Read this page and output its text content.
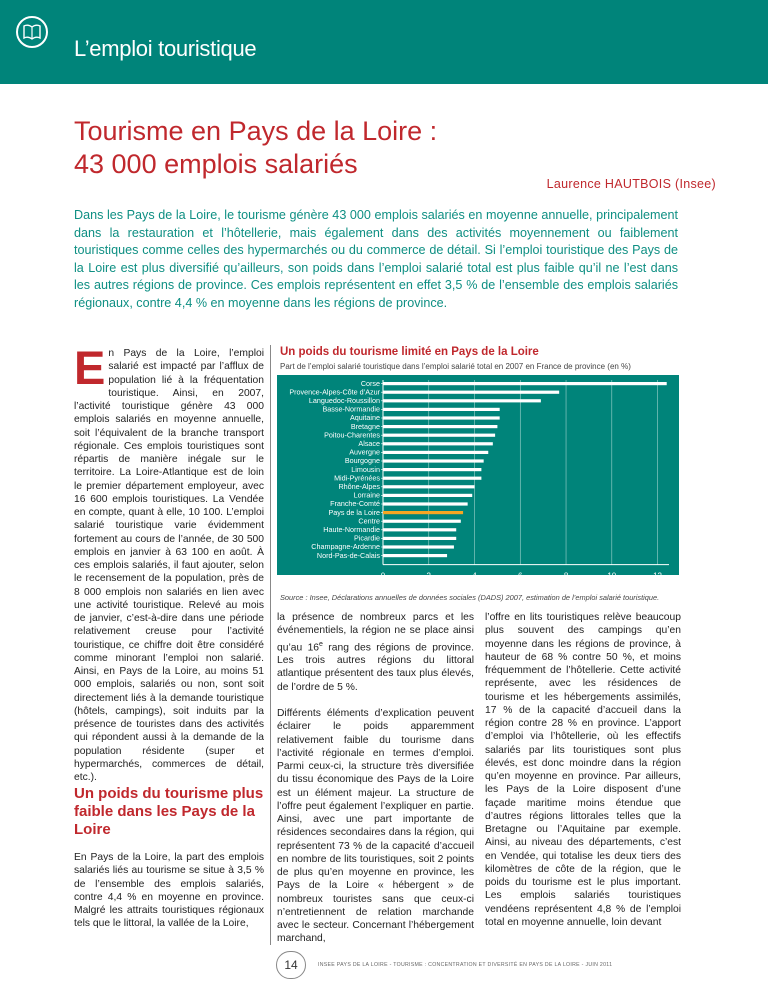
L’emploi touristique
Tourisme en Pays de la Loire :
43 000 emplois salariés
Laurence HAUTBOIS (Insee)

Dans les Pays de la Loire, le tourisme génère 43 000 emplois salariés en moyenne annuelle, principalement dans la restauration et l’hôtellerie, mais également dans des activités moyennement ou faiblement touristiques comme celles des hypermarchés ou du commerce de détail. Si l’emploi touristique des Pays de la Loire est plus diversifié qu’ailleurs, son poids dans l’emploi salarié total est plus faible qu’il ne l’est dans les autres régions de province. Ces emplois représentent en effet 3,5 % de l’ensemble des emplois salariés régionaux, contre 4,4 % en moyenne dans les régions de province.

En Pays de la Loire, l’emploi salarié est impacté par l’afflux de population lié à la fréquentation touristique. Ainsi, en 2007, l’activité touristique génère 43 000 emplois salariés en moyenne annuelle, soit l’équivalent de la branche transport régionale. Ces emplois touristiques sont répartis de manière inégale sur le territoire. La Loire-Atlantique est de loin le premier département employeur, avec 16 600 emplois touristiques. La Vendée en compte, quant à elle, 10 100. L’emploi salarié touristique varie évidemment fortement au cours de l’année, de 30 500 emplois en janvier à 63 100 en août. À ces emplois salariés, il faut ajouter, selon le recensement de la population, près de 8 000 emplois non salariés en lien avec une activité touristique. Relevé au mois de janvier, c’est-à-dire dans une période relativement creuse pour l’activité touristique, ce chiffre doit être considéré comme minorant l’emploi non salarié. Ainsi, en Pays de la Loire, au moins 51 000 emplois, salariés ou non, sont soit directement liés à la demande touristique (hôtels, campings), soit induits par la présence de touristes dans des activités qui répondent aussi à la demande de la population résidente (super et hypermarchés, commerces de détail, etc.).

Un poids du tourisme plus faible dans les Pays de la Loire

En Pays de la Loire, la part des emplois salariés liés au tourisme se situe à 3,5 % de l’ensemble des emplois salariés, contre 4,4 % en moyenne en province. Malgré les attraits touristiques régionaux tels que le littoral, la vallée de la Loire,

Un poids du tourisme limité en Pays de la Loire
Part de l’emploi salarié touristique dans l’emploi salarié total en 2007 en France de province (en %)
Corse
Provence-Alpes-Côte d’Azur
Languedoc-Roussillon
Basse-Normandie
Aquitaine
Bretagne
Poitou-Charentes
Alsace
Auvergne
Bourgogne
Limousin
Midi-Pyrénées
Rhône-Alpes
Lorraine
Franche-Comté
Pays de la Loire
Centre
Haute-Normandie
Picardie
Champagne-Ardenne
Nord-Pas-de-Calais
0	2	4	6	8	10	12
Source : Insee, Déclarations annuelles de données sociales (DADS) 2007, estimation de l’emploi salarié touristique.

la présence de nombreux parcs et les événementiels, la région ne se place ainsi qu’au 16e rang des régions de province. Les trois autres régions du littoral atlantique présentent des taux plus élevés, de l’ordre de 5 %.

Différents éléments d’explication peuvent éclairer le poids apparemment relativement faible du tourisme dans l’activité régionale en termes d’emploi. Parmi ceux-ci, la structure très diversifiée du tissu économique des Pays de la Loire est un élément majeur. La structure de l’offre peut également l’expliquer en partie. Ainsi, avec une part importante de résidences secondaires dans la région, qui représentent 73 % de la capacité d’accueil en nombre de lits touristiques, soit 2 points de plus qu’en moyenne en province, les Pays de la Loire « hébergent » de nombreux touristes sans que ceux-ci n’entretiennent de relation marchande avec le secteur. Concernant l’hébergement marchand,

l’offre en lits touristiques relève beaucoup plus souvent des campings qu’en moyenne dans les régions de province, à hauteur de 68 % contre 50 %, et moins fréquemment de l’hôtellerie. Cette activité représente, avec les résidences de tourisme et les hébergements assimilés, 17 % de la capacité d’accueil dans la région contre 28 % en province. L’apport d’emploi via l’hôtellerie, où les effectifs salariés par lits touristiques sont plus élevés, est donc moindre dans la région qu’en moyenne en province. Par ailleurs, les Pays de la Loire disposent d’une façade maritime moins étendue que d’autres régions littorales telles que la Bretagne ou l’Aquitaine par exemple. Ainsi, au niveau des départements, c’est en Vendée, qui totalise les deux tiers des kilomètres de côte de la région, que le poids du tourisme est le plus important. Les emplois salariés touristiques vendéens représentent 4,8 % de l’emploi total en moyenne annuelle, loin devant

14	INSEE PAYS DE LA LOIRE - TOURISME : CONCENTRATION ET DIVERSITÉ EN PAYS DE LA LOIRE - JUIN 2011
